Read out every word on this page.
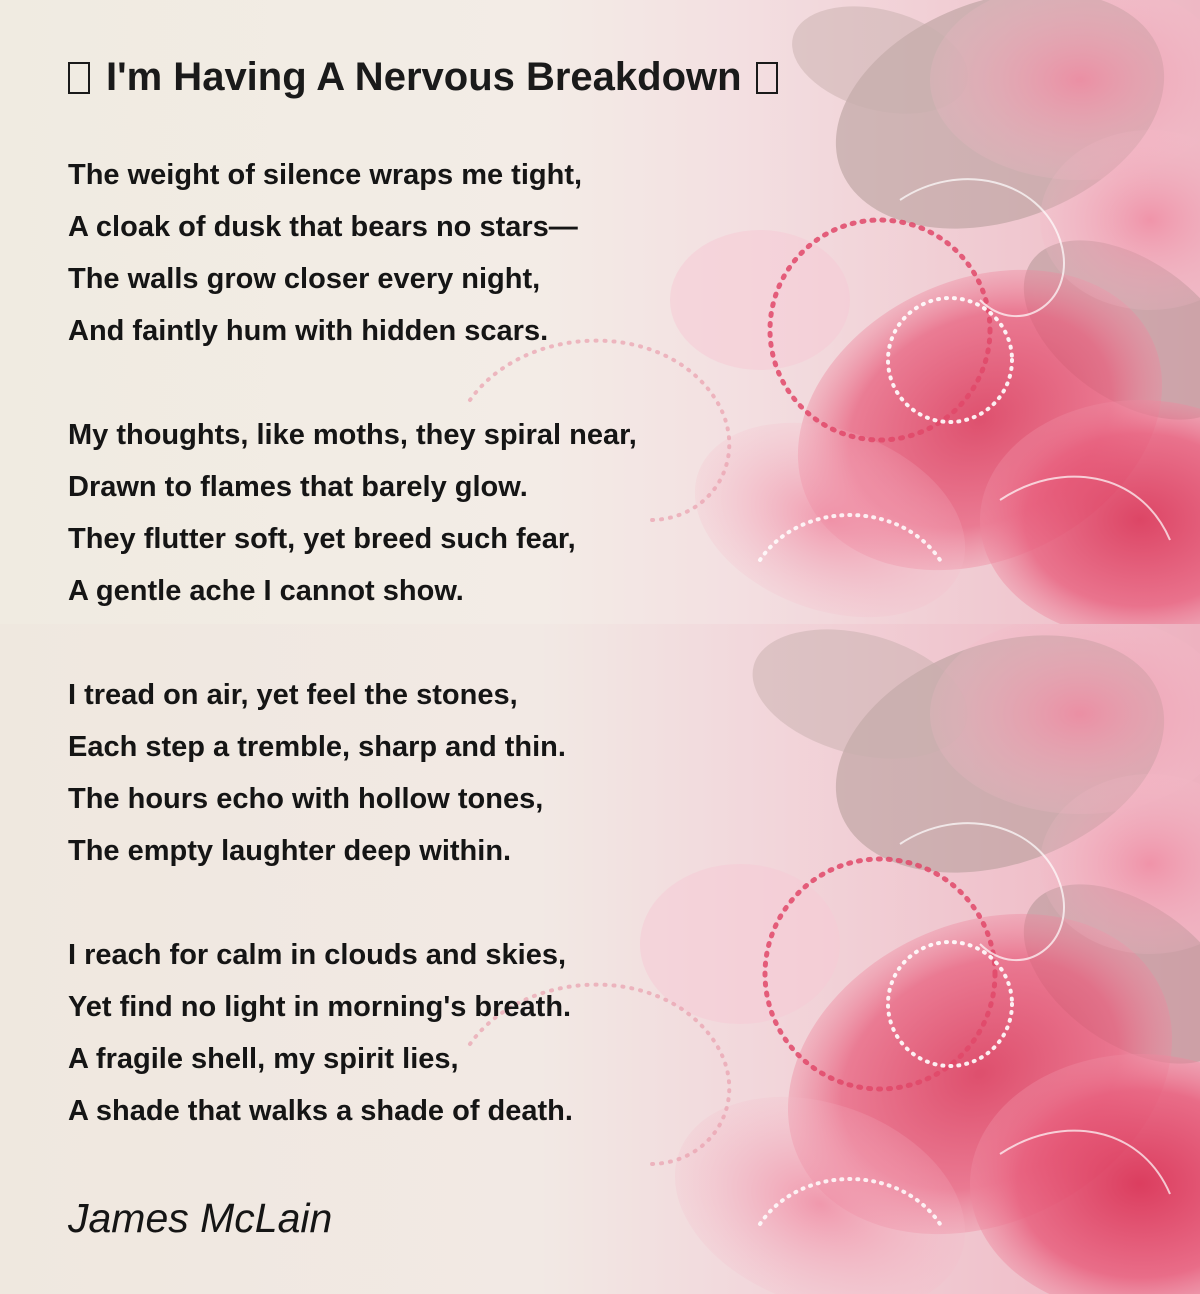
I'm Having A Nervous Breakdown
The weight of silence wraps me tight,
A cloak of dusk that bears no stars—
The walls grow closer every night,
And faintly hum with hidden scars.
My thoughts, like moths, they spiral near,
Drawn to flames that barely glow.
They flutter soft, yet breed such fear,
A gentle ache I cannot show.
I tread on air, yet feel the stones,
Each step a tremble, sharp and thin.
The hours echo with hollow tones,
The empty laughter deep within.
I reach for calm in clouds and skies,
Yet find no light in morning's breath.
A fragile shell, my spirit lies,
A shade that walks a shade of death.
James McLain
